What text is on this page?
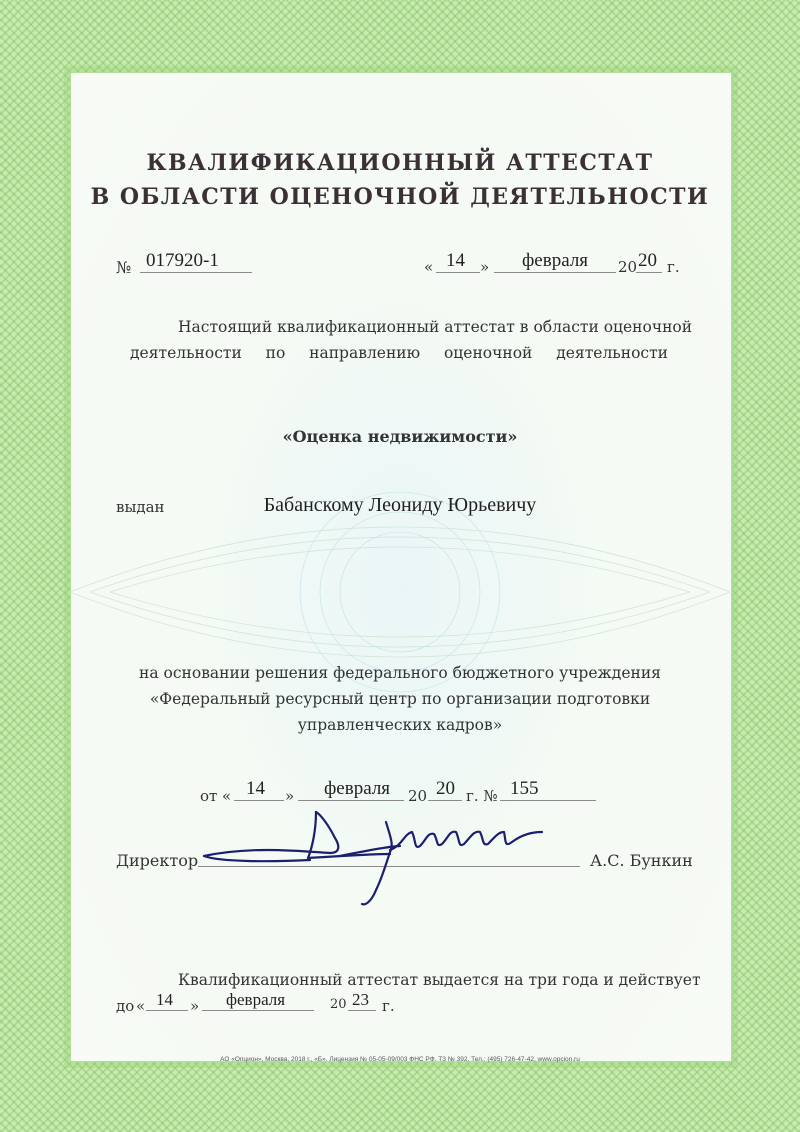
КВАЛИФИКАЦИОННЫЙ АТТЕСТАТ
В ОБЛАСТИ ОЦЕНОЧНОЙ ДЕЯТЕЛЬНОСТИ
№ 017920-1	« 14 » февраля 20 20 г.
Настоящий квалификационный аттестат в области оценочной
деятельности по направлению оценочной деятельности
«Оценка недвижимости»
выдан	Бабанскому Леониду Юрьевичу
на основании решения федерального бюджетного учреждения
«Федеральный ресурсный центр по организации подготовки
управленческих кадров»
от « 14 » февраля 20 20 г. № 155
Директор	А.С. Бункин
Квалификационный аттестат выдается на три года и действует
до « 14 » февраля	20 23 г.
АО «Опцион», Москва, 2018 г., «Б». Лицензия № 05-05-09/003 ФНС РФ. ТЗ № 392. Тел.: (495) 726-47-42, www.opcion.ru
